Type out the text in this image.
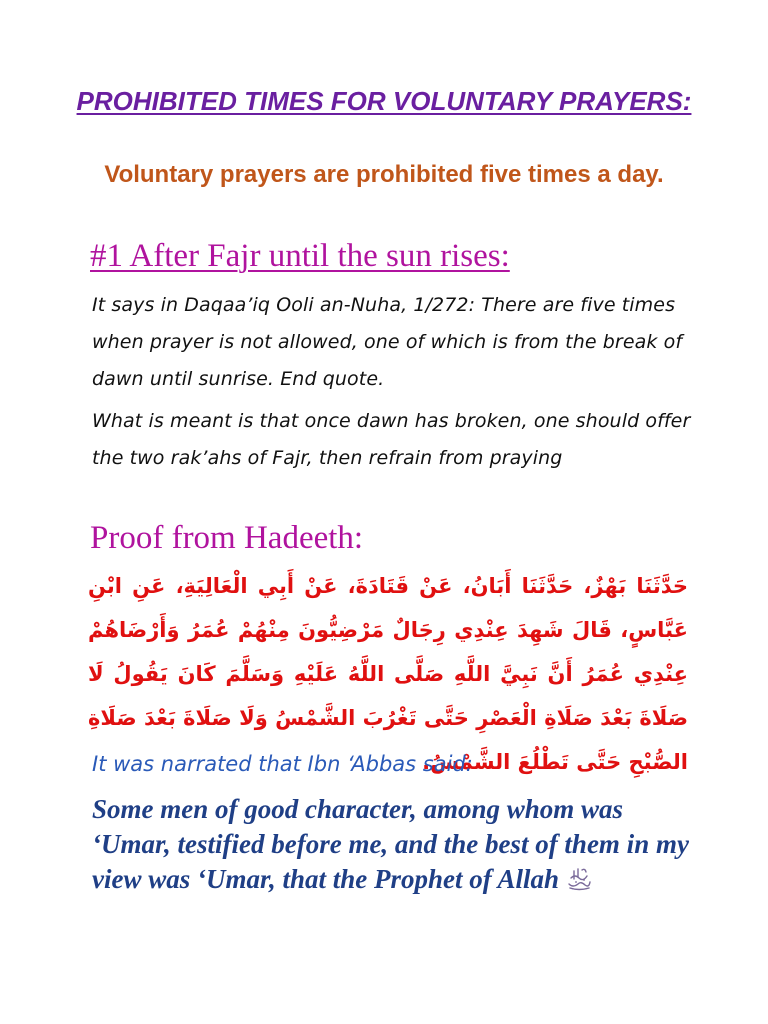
PROHIBITED TIMES FOR VOLUNTARY PRAYERS:
Voluntary prayers are prohibited five times a day.
#1 After Fajr until the sun rises:

It says in Daqaa’iq Ooli an-Nuha, 1/272: There are five times when prayer is not allowed, one of which is from the break of dawn until sunrise. End quote.

What is meant is that once dawn has broken, one should offer the two rak’ahs of Fajr, then refrain from praying

Proof from Hadeeth:

حَدَّثَنَا بَهْزٌ، حَدَّثَنَا أَبَانُ، عَنْ قَتَادَةَ، عَنْ أَبِي الْعَالِيَةِ، عَنِ ابْنِ عَبَّاسٍ، قَالَ شَهِدَ عِنْدِي رِجَالٌ مَرْضِيُّونَ مِنْهُمْ عُمَرُ وَأَرْضَاهُمْ عِنْدِي عُمَرُ أَنَّ نَبِيَّ اللَّهِ صَلَّى اللَّهُ عَلَيْهِ وَسَلَّمَ كَانَ يَقُولُ لَا صَلَاةَ بَعْدَ صَلَاةِ الْعَصْرِ حَتَّى تَغْرُبَ الشَّمْسُ وَلَا صَلَاةَ بَعْدَ صَلَاةِ الصُّبْحِ حَتَّى تَطْلُعَ الشَّمْسُ.

It was narrated that Ibn ‘Abbas said:

Some men of good character, among whom was ‘Umar, testified before me, and the best of them in my view was ‘Umar, that the Prophet of Allah
